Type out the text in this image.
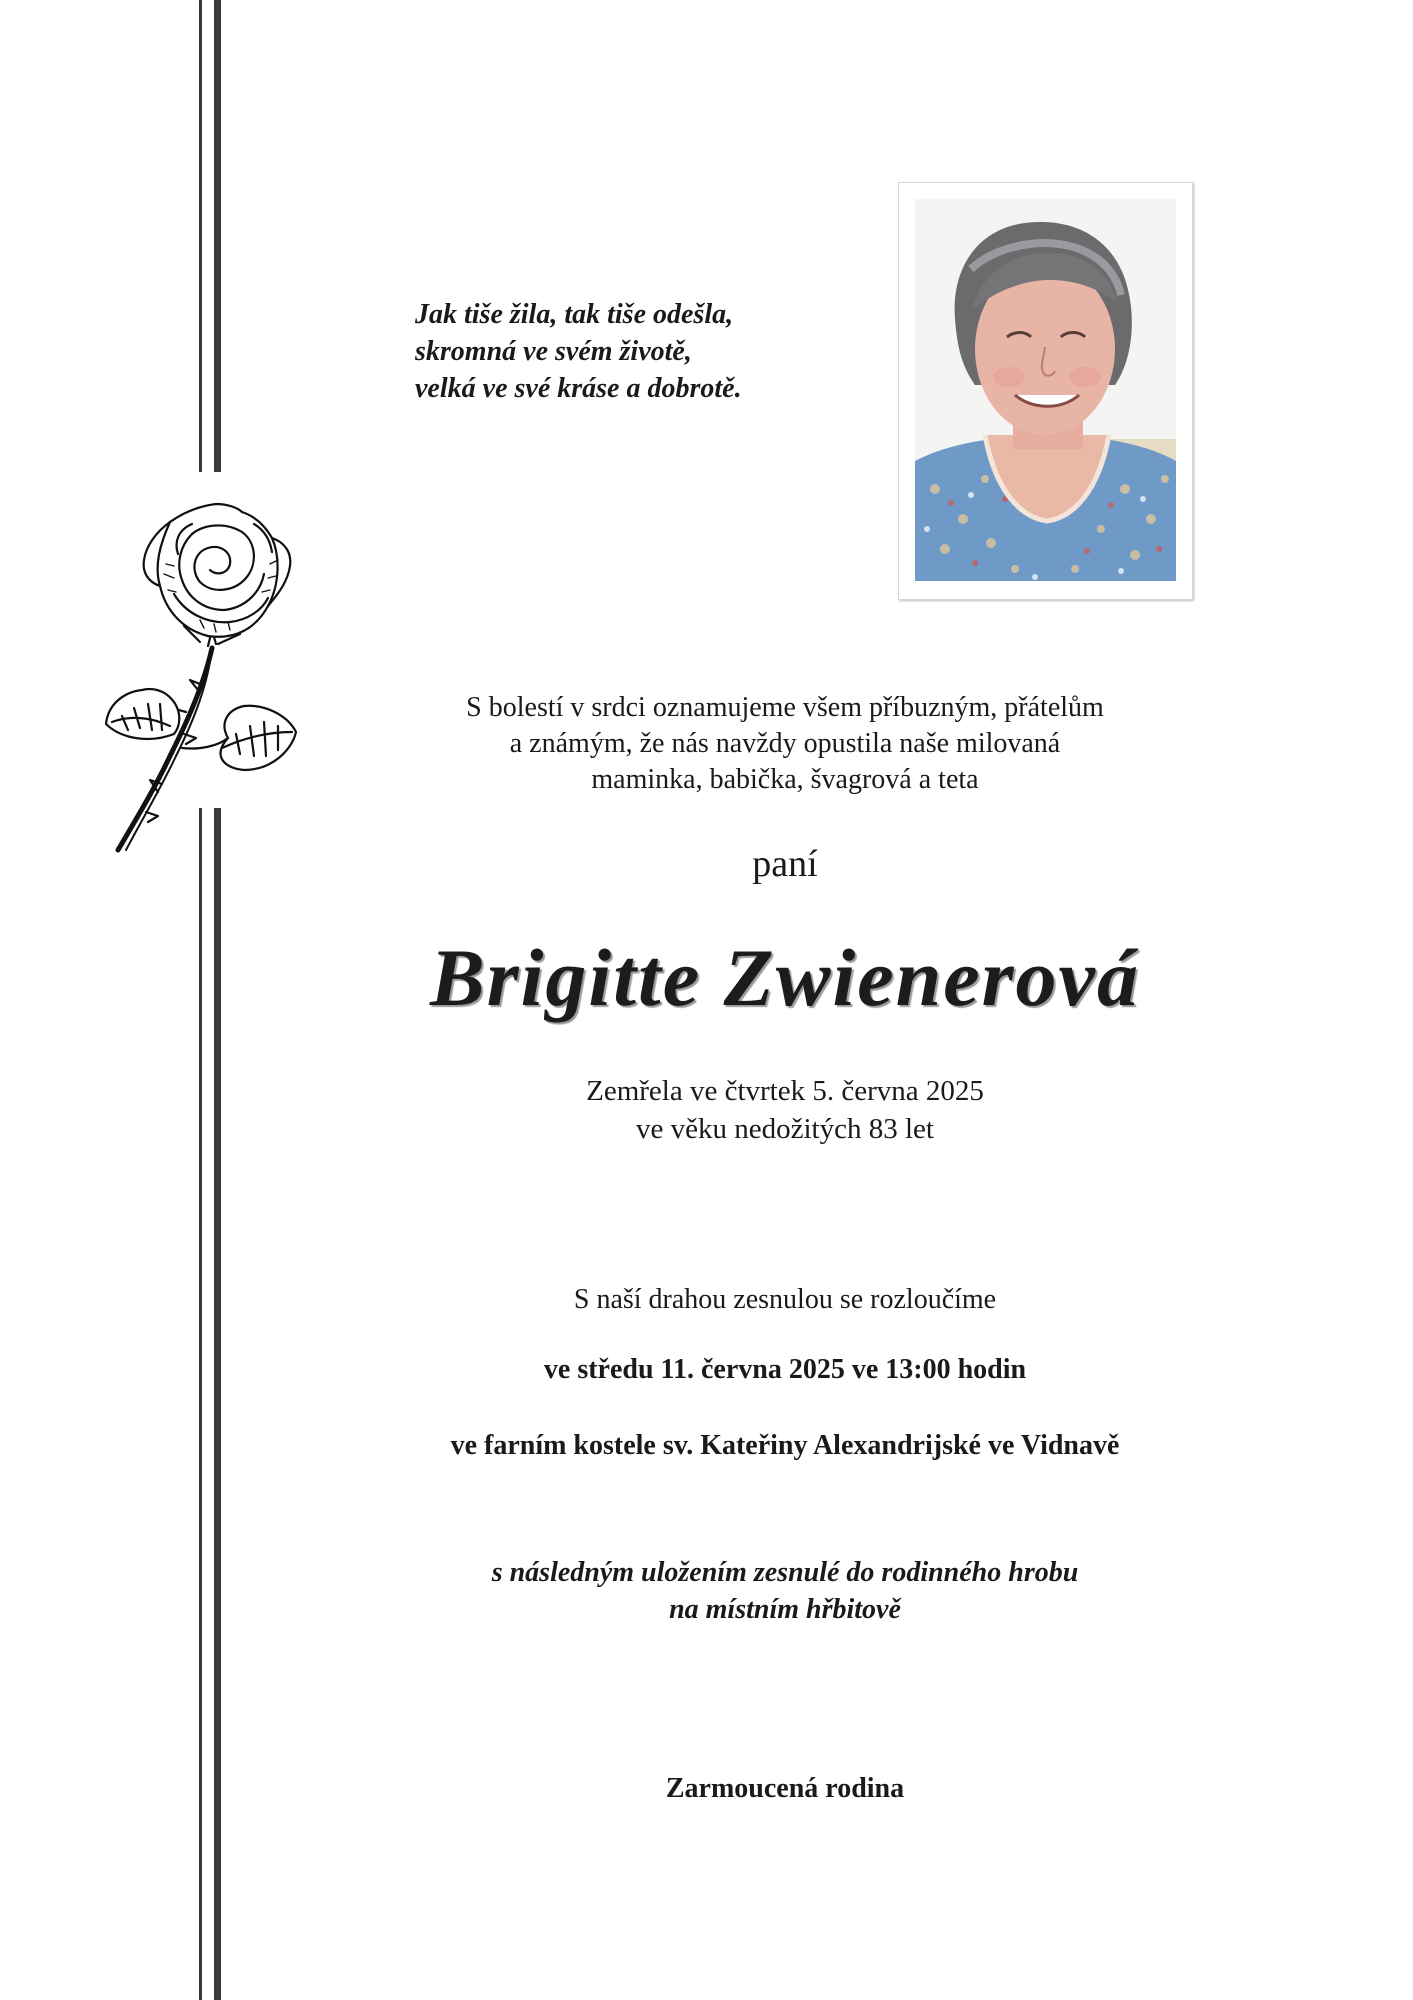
Jak tiše žila, tak tiše odešla,
skromná ve svém životě,
velká ve své kráse a dobrotě.
S bolestí v srdci oznamujeme všem příbuzným, přátelům
a známým, že nás navždy opustila naše milovaná
maminka, babička, švagrová a teta
paní
Brigitte Zwienerová
Zemřela ve čtvrtek 5. června 2025
ve věku nedožitých 83 let
S naší drahou zesnulou se rozloučíme
ve středu 11. června 2025 ve 13:00 hodin
ve farním kostele sv. Kateřiny Alexandrijské ve Vidnavě
s následným uložením zesnulé do rodinného hrobu
na místním hřbitově
Zarmoucená rodina
